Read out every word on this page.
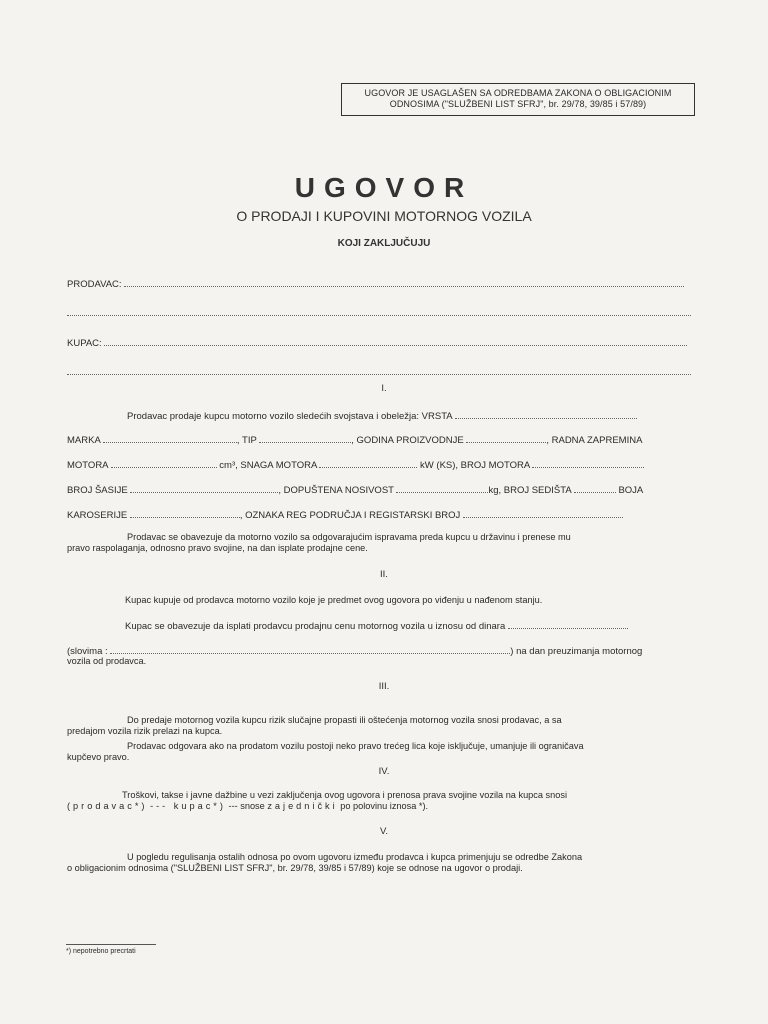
UGOVOR JE USAGLAŠEN SA ODREDBAMA ZAKONA O OBLIGACIONIM
ODNOSIMA ("SLUŽBENI LIST SFRJ", br. 29/78, 39/85 i 57/89)
UGOVOR
O PRODAJI I KUPOVINI MOTORNOG VOZILA
KOJI ZAKLJUČUJU
PRODAVAC:
KUPAC:
I.
Prodavac prodaje kupcu motorno vozilo sledećih svojstava i obeležja: VRSTA
MARKA	, TIP	, GODINA PROIZVODNJE	, RADNA ZAPREMINA
MOTORA	cm³, SNAGA MOTORA	kW (KS), BROJ MOTORA
BROJ ŠASIJE	, DOPUŠTENA NOSIVOST	kg, BROJ SEDIŠTA	BOJA
KAROSERIJE	, OZNAKA REG PODRUČJA I REGISTARSKI BROJ
Prodavac se obavezuje da motorno vozilo sa odgovarajućim ispravama preda kupcu u državinu i prenese mu
pravo raspolaganja, odnosno pravo svojine, na dan isplate prodajne cene.
II.
Kupac kupuje od prodavca motorno vozilo koje je predmet ovog ugovora po viđenju u nađenom stanju.
Kupac se obavezuje da isplati prodavcu prodajnu cenu motornog vozila u iznosu od dinara
(slovima :	) na dan preuzimanja motornog
vozila od prodavca.
III.
Do predaje motornog vozila kupcu rizik slučajne propasti ili oštećenja motornog vozila snosi prodavac, a sa
predajom vozila rizik prelazi na kupca.
Prodavac odgovara ako na prodatom vozilu postoji neko pravo trećeg lica koje isključuje, umanjuje ili ograničava
kupčevo pravo.
IV.
Troškovi, takse i javne dažbine u vezi zaključenja ovog ugovora i prenosa prava svojine vozila na kupca snosi
(prodavac*) --- kupac*) --- snose zajednički po polovinu iznosa *).
V.
U pogledu regulisanja ostalih odnosa po ovom ugovoru između prodavca i kupca primenjuju se odredbe Zakona
o obligacionim odnosima ("SLUŽBENI LIST SFRJ", br. 29/78, 39/85 i 57/89) koje se odnose na ugovor o prodaji.
*) nepotrebno precrtati
